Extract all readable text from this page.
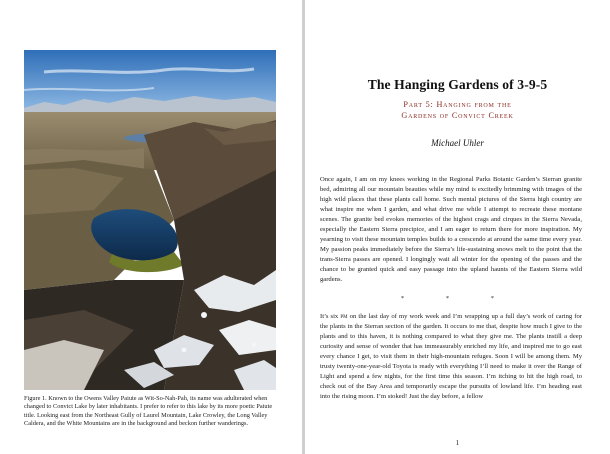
Figure 1. Known to the Owens Valley Paiute as Wit-So-Nah-Pah, its name was adulterated when changed to Convict Lake by later inhabitants. I prefer to refer to this lake by its more poetic Paiute title. Looking east from the Northeast Gully of Laurel Mountain, Lake Crowley, the Long Valley Caldera, and the White Mountains are in the background and beckon further wanderings.

The Hanging Gardens of 3-9-5
Part 5: Hanging from the
Gardens of Convict Creek
Michael Uhler

Once again, I am on my knees working in the Regional Parks Botanic Garden’s Sierran granite bed, admiring all our mountain beauties while my mind is excitedly brimming with images of the high wild places that these plants call home. Such mental pictures of the Sierra high country are what inspire me when I garden, and what drive me while I attempt to recreate these montane scenes. The granite bed evokes memories of the highest crags and cirques in the Sierra Nevada, especially the Eastern Sierra precipice, and I am eager to return there for more inspiration. My yearning to visit these mountain temples builds to a crescendo at around the same time every year. My passion peaks immediately before the Sierra’s life-sustaining snows melt to the point that the trans-Sierra passes are opened. I longingly wait all winter for the opening of the passes and the chance to be granted quick and easy passage into the upland haunts of the Eastern Sierra wild gardens.

* * *

It’s six pm on the last day of my work week and I’m wrapping up a full day’s work of caring for the plants in the Sierran section of the garden. It occurs to me that, despite how much I give to the plants and to this haven, it is nothing compared to what they give me. The plants instill a deep curiosity and sense of wonder that has immeasurably enriched my life, and inspired me to go east every chance I get, to visit them in their high-mountain refuges. Soon I will be among them. My trusty twenty-one-year-old Toyota is ready with everything I’ll need to make it over the Range of Light and spend a few nights, for the first time this season. I’m itching to hit the high road, to check out of the Bay Area and temporarily escape the pursuits of lowland life. I’m heading east into the rising moon. I’m stoked! Just the day before, a fellow

1
